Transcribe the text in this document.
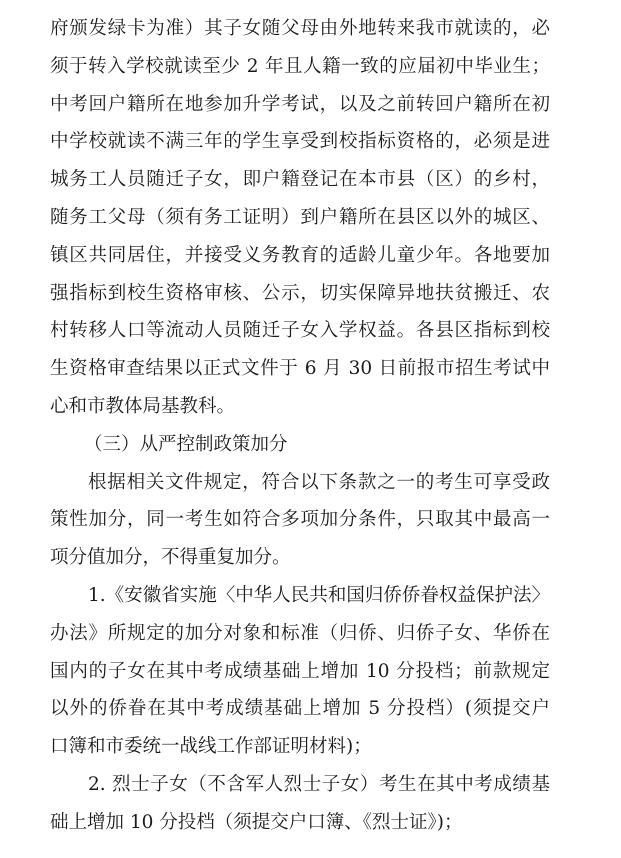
府颁发绿卡为准）其子女随父母由外地转来我市就读的，必
须于转入学校就读至少 2 年且人籍一致的应届初中毕业生；
中考回户籍所在地参加升学考试，以及之前转回户籍所在初
中学校就读不满三年的学生享受到校指标资格的，必须是进
城务工人员随迁子女，即户籍登记在本市县（区）的乡村，
随务工父母（须有务工证明）到户籍所在县区以外的城区、
镇区共同居住，并接受义务教育的适龄儿童少年。各地要加
强指标到校生资格审核、公示，切实保障异地扶贫搬迁、农
村转移人口等流动人员随迁子女入学权益。各县区指标到校
生资格审查结果以正式文件于 6 月 30 日前报市招生考试中
心和市教体局基教科。
（三）从严控制政策加分
根据相关文件规定，符合以下条款之一的考生可享受政
策性加分，同一考生如符合多项加分条件，只取其中最高一
项分值加分，不得重复加分。
1.《安徽省实施〈中华人民共和国归侨侨眷权益保护法〉
办法》所规定的加分对象和标准（归侨、归侨子女、华侨在
国内的子女在其中考成绩基础上增加 10 分投档；前款规定
以外的侨眷在其中考成绩基础上增加 5 分投档）(须提交户
口簿和市委统一战线工作部证明材料)；
2. 烈士子女（不含军人烈士子女）考生在其中考成绩基
础上增加 10 分投档（须提交户口簿、《烈士证》)；
